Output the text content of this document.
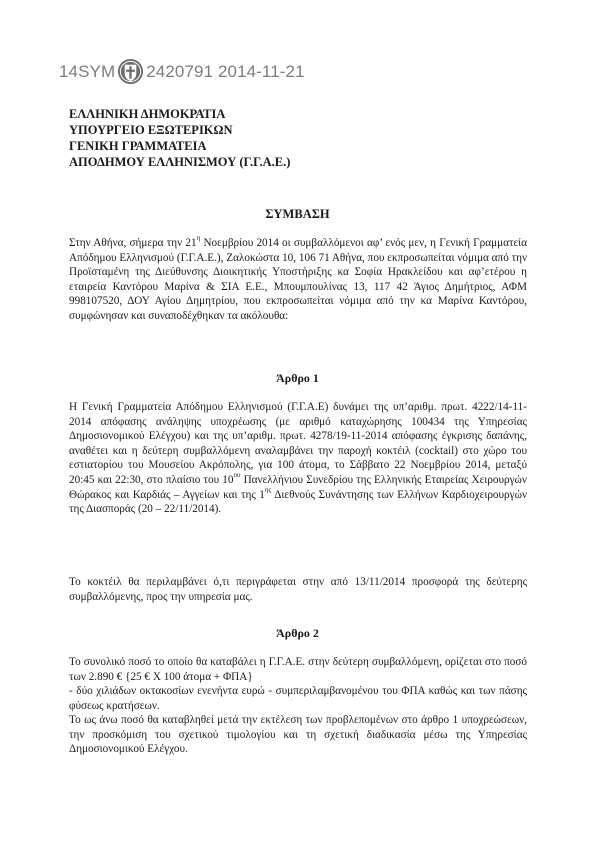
14SYM 2420791 2014-11-21
ΕΛΛΗΝΙΚΗ ΔΗΜΟΚΡΑΤΙΑ
ΥΠΟΥΡΓΕΙΟ ΕΞΩΤΕΡΙΚΩΝ
ΓΕΝΙΚΗ ΓΡΑΜΜΑΤΕΙΑ
ΑΠΟΔΗΜΟΥ ΕΛΛΗΝΙΣΜΟΥ (Γ.Γ.Α.Ε.)
ΣΥΜΒΑΣΗ
Στην Αθήνα, σήμερα την $21^\eta$ Νοεμβρίου 2014 οι συμβαλλόμενοι αφ’ ενός μεν, η Γενική Γραμματεία Απόδημου Ελληνισμού (Γ.Γ.Α.Ε.), Ζαλοκώστα 10, 106 71 Αθήνα, που εκπροσωπείται νόμιμα από την Προϊσταμένη της Διεύθυνσης Διοικητικής Υποστήριξης κα Σοφία Ηρακλείδου και αφ’ετέρου η εταιρεία Καντόρου Μαρίνα & ΣΙΑ Ε.Ε., Μπουμπουλίνας 13, 117 42 Άγιος Δημήτριος, ΑΦΜ 998107520, ΔΟΥ Αγίου Δημητρίου, που εκπροσωπείται νόμιμα από την κα Μαρίνα Καντόρου, συμφώνησαν και συναποδέχθηκαν τα ακόλουθα:
Άρθρο 1
Η Γενική Γραμματεία Απόδημου Ελληνισμού (Γ.Γ.Α.Ε) δυνάμει της υπ’αριθμ. πρωτ. 4222/14-11-2014 απόφασης ανάληψης υποχρέωσης (με αριθμό καταχώρησης 100434 της Υπηρεσίας Δημοσιονομικού Ελέγχου) και της υπ’αριθμ. πρωτ. 4278/19-11-2014 απόφασης έγκρισης δαπάνης, αναθέτει και η δεύτερη συμβαλλόμενη αναλαμβάνει την παροχή κοκτέιλ (cocktail) στο χώρο του εστιατορίου του Μουσείου Ακρόπολης, για 100 άτομα, το Σάββατο 22 Νοεμβρίου 2014, μεταξύ 20:45 και 22:30, στο πλαίσιο του $10^{o\upsilon}$ Πανελλήνιου Συνεδρίου της Ελληνικής Εταιρείας Χειρουργών Θώρακος και Καρδιάς – Αγγείων και της $1^{\eta\varsigma}$ Διεθνούς Συνάντησης των Ελλήνων Καρδιοχειρουργών της Διασποράς (20 – 22/11/2014).
Το κοκτέιλ θα περιλαμβάνει ό,τι περιγράφεται στην από 13/11/2014 προσφορά της δεύτερης συμβαλλόμενης, προς την υπηρεσία μας.
Άρθρο 2
Το συνολικό ποσό το οποίο θα καταβάλει η Γ.Γ.Α.Ε. στην δεύτερη συμβαλλόμενη, ορίζεται στο ποσό των 2.890 € {25 € Χ 100 άτομα + ΦΠΑ}
- δύο χιλιάδων οκτακοσίων ενενήντα ευρώ - συμπεριλαμβανομένου του ΦΠΑ καθώς και των πάσης φύσεως κρατήσεων.
Το ως άνω ποσό θα καταβληθεί μετά την εκτέλεση των προβλεπομένων στο άρθρο 1 υποχρεώσεων, την προσκόμιση του σχετικού τιμολογίου και τη σχετική διαδικασία μέσω της Υπηρεσίας Δημοσιονομικού Ελέγχου.
